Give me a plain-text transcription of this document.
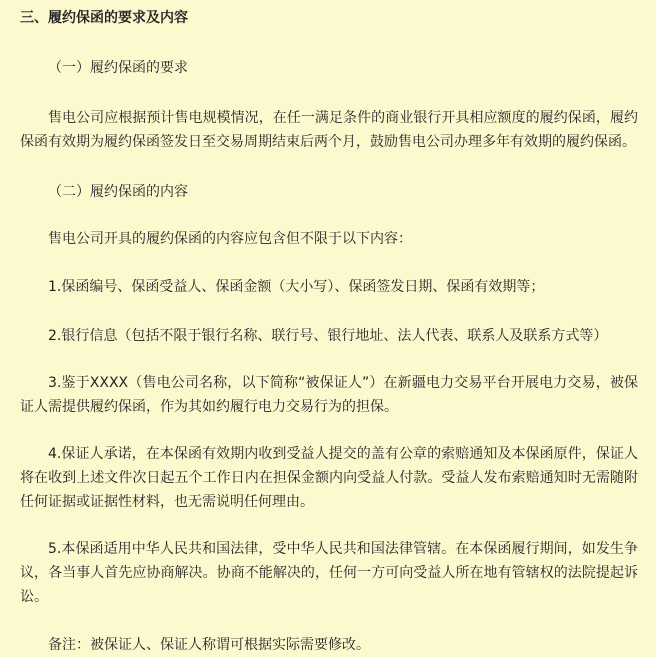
三、履约保函的要求及内容

（一）履约保函的要求

售电公司应根据预计售电规模情况，在任一满足条件的商业银行开具相应额度的履约保函，履约保函有效期为履约保函签发日至交易周期结束后两个月，鼓励售电公司办理多年有效期的履约保函。

（二）履约保函的内容

售电公司开具的履约保函的内容应包含但不限于以下内容：

1.保函编号、保函受益人、保函金额（大小写）、保函签发日期、保函有效期等；

2.银行信息（包括不限于银行名称、联行号、银行地址、法人代表、联系人及联系方式等）

3.鉴于XXXX（售电公司名称，以下简称“被保证人”）在新疆电力交易平台开展电力交易，被保证人需提供履约保函，作为其如约履行电力交易行为的担保。

4.保证人承诺，在本保函有效期内收到受益人提交的盖有公章的索赔通知及本保函原件，保证人将在收到上述文件次日起五个工作日内在担保金额内向受益人付款。受益人发布索赔通知时无需随附任何证据或证据性材料，也无需说明任何理由。

5.本保函适用中华人民共和国法律，受中华人民共和国法律管辖。在本保函履行期间，如发生争议，各当事人首先应协商解决。协商不能解决的，任何一方可向受益人所在地有管辖权的法院提起诉讼。

备注：被保证人、保证人称谓可根据实际需要修改。
